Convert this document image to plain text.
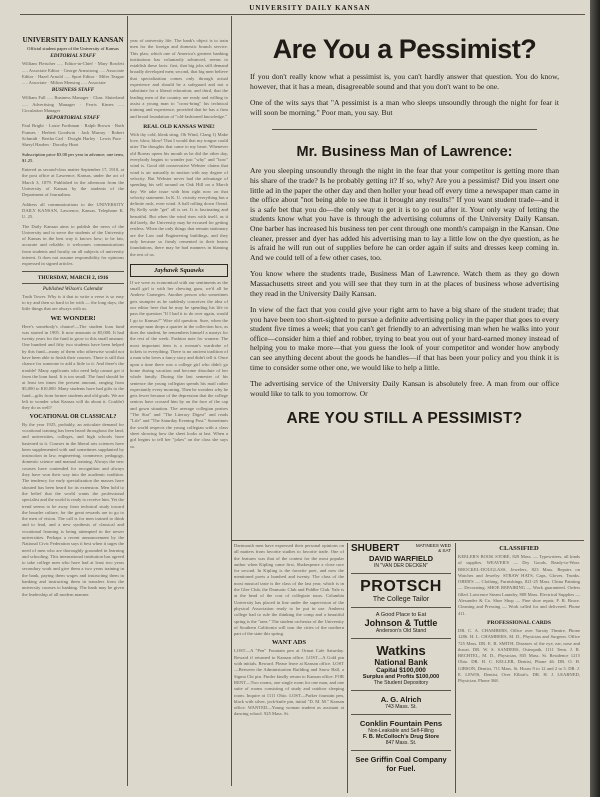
UNIVERSITY DAILY KANSAN
UNIVERSITY DAILY KANSAN
Official student paper of the University of Kansas
EDITORIAL STAFF
William Fleischer ..... Editor-in-Chief · Mary Rowlett ..... Associate Editor · George Armstrong ..... Associate Editor · Hazel Arnold ..... Sport Editor · Miles Teague ..... Associate · Milton Mensing ..... Associate
BUSINESS STAFF
William Fall ..... Business Manager · Chas. Sluterland ..... Advertising Manager · Ferris Kimes ..... Circulation Manager
REPORTORIAL STAFF
Paul Bright · Louie Forthman · Ralph Brown · Ruth Frames · Herbert Goodwin · Jack Murray · Robert Schmidt · Bertha Carl · Dwight Harley · Lewis Pace · Sheryl Harden · Dorothy Hunt
Subscription price $3.00 per year in advance; one term, $1.25.
Entered as second-class matter September 17, 1910, at the post office at Lawrence, Kansas, under the act of March 3, 1879. Published in the afternoon from the University of Kansas by the students of the Department of Journalism.
Address all communications to the UNIVERSITY DAILY KANSAN, Lawrence, Kansas. Telephone K. U. 25.
The Daily Kansan aims to publish the news of the University and to serve the students of the University of Kansas in the best way it knows how; to be fair, accurate and reliable; it welcomes communications from students and faculty on all subjects of university interest. It does not assume responsibility for opinions expressed in signed articles.
THURSDAY, MARCH 2, 1916
Published Wilson's Calendar
Truth Tower. Why is it that to write a verse is so easy to try and then so hard to be with — the long days, the little things that are always with us.
WE WONDER!
Here's somebody's chance!—The student loan fund was started in 1905. It now amounts to $5,000. It had twenty years for the fund to grow to this small amount. One hundred and fifty two students have been helped by this fund—many of them who otherwise would not have been able to finish their courses. There is still that chance for someone to add a little to it. And there's the trouble! Many applicants who need help cannot get it from the loan fund. It is too small. The fund should be at least ten times the present amount, ranging from $5,000 to $10,000. Many students have had gifts to the fund—gifts from former students and old grads. We are left to wonder what Kansas will do about it. Couldn't they do as well?
VOCATIONAL OR CLASSICAL?
By the year 1925, probably, an articulate demand for vocational training has been heard throughout the land, and universities, colleges, and high schools have hastened to it. Courses in the liberal arts sciences have been supplemented with and sometimes supplanted by instruction in law, engineering, commerce, pedagogy, domestic science and manual training. Always the new courses have contended for recognition and always they have won their way into the academic tradition. The tendency for early specialization the masses have shouted has been heard for its extension. Men hold to the belief that the world wants the professional specialist and the world is ready to receive him. Yet the trend seems to be away from technical study toward the broader culture, for the great rewards are to go to the men of vision. The call is for men trained to think and to lead, and a new synthesis of classical and vocational learning is being attempted in the newer universities. Perhaps a recent announcement by the National Civic Federation says it best when it urges the need of men who are thoroughly grounded in learning and schooling. This international institution has agreed to take college men who have had at least two years secondary work and give them a two years training in the bank, paying them wages and instructing them in banking and instructing them in transfers from the university courses to banking. The bank may be given the leadership of all modern manner.
year of university life. The bank's object is to train men for the foreign and domestic branch service. This plan, which one of America's greatest banking institutions has voluntarily advanced, seems to establish these facts: first, that big jobs still demand broadly developed men; second, that big men believe that specialization comes only through actual experience and should be a safeguard and not a substitute for a liberal education; and third, that the leading men of the country are ready and willing to assist a young man to "cross-bring" his technical training and experience, provided that he has a firm and broad foundation of "old-fashioned knowledge."
REAL OLD KANSAS WINE!
With thy cold, bleak sting, Oh Wind, Clang 1) Make love, blow, blow! That I would that my tongue could utter The thoughts that came to my heart. Whenever old Boreas opens his mouth as he did the other day, everybody begins to wonder just "why" and "how" wind is. Good old conservative Webster claims that wind is air naturally in motion with any degree of velocity. But Webster never had the advantage of spending his self around on Oak Hill on a March day. We take issue with him right now on that velocity statement. In K. U. vicinity everything has a definite rush, even wind. A ball rolling down Oread. By Kelly wide "get" all is set. It is fascinating and beautiful. But when the wind rises with itself, as it did lately, the University may be excused for getting restless. When the only things that remain stationary are the Law and Engineering buildings, and they only because so firmly cemented to their hearts foundations, there may be bad manners in blaming the rest of us.
Jayhawk Squawks
If we were as economical with our sentiments as the small girl is with her chewing gum, we'd all be Andrew Carnegies. Another person who sometimes gets stumpier as he suddenly conceives the idea of our editor here that he may be spending his life to pass the question "If I had it to do over again, would I go to Kansas?" Wise old question. Sure, when the average man drops a quarter in the collection box, as does the student, he remembers himself a martyr for the rest of the week. Fashion note for women: The most important item is a woman's wardrobe of tickets to everything. There is no ancient tradition of a man who loves a fancy story and didn't tell it. Once upon a time there was a college girl who didn't go home during vacation and become dissolute of her whole family. During the last semester of his sentence the young collegian spends his mail rather expectantly every morning. Then he wonders why he gets fewer because of the depression that the college seniors have crossed him by on the face of the cap and gown situation. The average collegian praises "The Star" and "The Literary Digest" and reads "Life" and "The Saturday Evening Post." Sometimes the world respects the young collegian with a class sheet showing how the sheet looks at last. When a girl begins to tell her "jokes" on the class she says so.
Are You a Pessimist?
If you don't really know what a pessimist is, you can't hardly answer that question. You do know, however, that it has a mean, disagreeable sound and that you don't want to be one.
One of the wits says that "A pessimist is a man who sleeps unsoundly through the night for fear it will soon be morning." Poor man, you say. But
Mr. Business Man of Lawrence:
Are you sleeping unsoundly through the night in the fear that your competitor is getting more than his share of the trade? Is he probably getting it? If so, why? Are you a pessimist? Did you insert one little ad in the paper the other day and then holler your head off every time a newspaper man came in the office about "not being able to see that it brought any results!" If you want student trade—and it is a safe bet that you do—the only way to get it is to go out after it. Your only way of letting the students know what you have is through the advertising columns of the University Daily Kansan. One barber has increased his business ten per cent through one month's campaign in the Kansan. One cleaner, presser and dyer has added his advertising man to lay a little low on the dye question, as he is afraid he will run out of supplies before he can order again if suits and dresses keep coming in. And we could tell of a few other cases, too.
You know where the students trade, Business Man of Lawrence. Watch them as they go down Massachusetts street and you will see that they turn in at the places of business whose advertising they read in the University Daily Kansan.
In view of the fact that you could give your right arm to have a big share of the student trade; that you have been too short-sighted to pursue a definite advertising policy in the paper that goes to every student five times a week; that you can't get friendly to an advertising man when he walks into your office—consider him a thief and robber, trying to beat you out of your hard-earned money instead of helping you to make more—that you guess the look of your competitor and wonder how anybody can see anything decent about the goods he handles—if that has been your policy and you think it is time to consider some other one, we would like to help a little.
The advertising service of the University Daily Kansan is absolutely free. A man from our office would like to talk to you tomorrow. Or
ARE YOU STILL A PESSIMIST?
Dartmouth men have expressed their personal opinions on all matters from favorite studies to favorite trade. One of the features was that of the contest for the most popular author when Kipling came first, Shakespeare a close race for second. In Kipling is the favorite poet, and now the mentioned poets a hundred and twenty. The class of the most musical taste is the class of the last year, which is in the Glee Club, the Dramatic Club and Fiddler Club. Yale is at the head of the cost of collegiate tours. Columbia University has placed in line under the supervision of the physical Association ready to be put in use. Amherst college had to rule the thinking the comp and a beautiful spring is the "area." The student orchestra of the University of Southern California will tour the cities of the northern part of the state this spring.
WANT ADS
LOST—A "Pen" Fountain pen at Ormat Cafe Saturday. Reward if returned to Kansan office. LOST—A Gold pin with initials. Reward. Please leave at Kansan office. LOST—Between the Administration Building and Snow Hall, a Sigma Chi pin. Finder kindly return to Kansan office. FOR RENT—Two rooms, one single room for one man, and one suite of rooms consisting of study and outdoor sleeping room. Inquire at 1111 Ohio. LOST—Parker fountain pen, black with silver, jack-knife pin, initial "D. M. M." Kansan office. WANTED—Young woman student as assistant at dancing school. 925 Mass. St.
SHUBERT	MATINEES WED & SAT
DAVID WARFIELD
IN "VAN DER DECKEN"
PROTSCH
The College Tailor
A Good Place to Eat
Johnson & Tuttle
Anderson's Old Stand
Watkins
National Bank
Capital $100,000
Surplus and Profits $100,000
The Student Depository
A. G. Alrich
743 Mass. St.
Conklin Fountain Pens
Non-Leakable and Self-Filling
F. B. McColloch's Drug Store
847 Mass. St.
See Griffin Coal Company for Fuel.
CLASSIFIED
KEELER'S BOOK STORE, 829 Mass. — Typewriters, all kinds of supplies. WEAVER'S — Dry Goods, Ready-to-Wear. BROCKEL-DOUGLASS, Jewelers, 823 Mass. Repairs on Watches and Jewelry. STRAW HATS, Caps, Gloves. Trunks. OBER'S — Clothing, Furnishings, 821-25 Mass. China Painting — Decorating. SHOE REPAIRING — Work guaranteed. Orders filled. Lawrence Steam Laundry, 808 Mass. Electrical Supplies — Alexander & Co. Shoe Shop — Fine shoe repair, F. R. Bruce. Cleaning and Pressing — Work called for and delivered. Phone 411.
PROFESSIONAL CARDS
DR. C. A. CHAMBERS, Office over Varsity Theatre, Phone 1286. H. L. CHAMBERS, M. D., Physician and Surgeon. Office 725 Mass. DR. E. B. SMITH, Diseases of the eye, ear, nose and throat. DR. W. S. SANDERS, Osteopath, 1111 Tenn. J. R. BECHTEL, M. D., Physician, 835 Mass. St. Residence 1215 Ohio. DR. H. C. KELLER, Dentist, Phone 46. DR. O. H. GIBSON, Dentist, 711 Mass. St. Hours 9 to 12 and 2 to 5. DR. J. E. LEWIS, Dentist, Over Elliott's. DR. H. J. LEARNED, Physician. Phone 368.
